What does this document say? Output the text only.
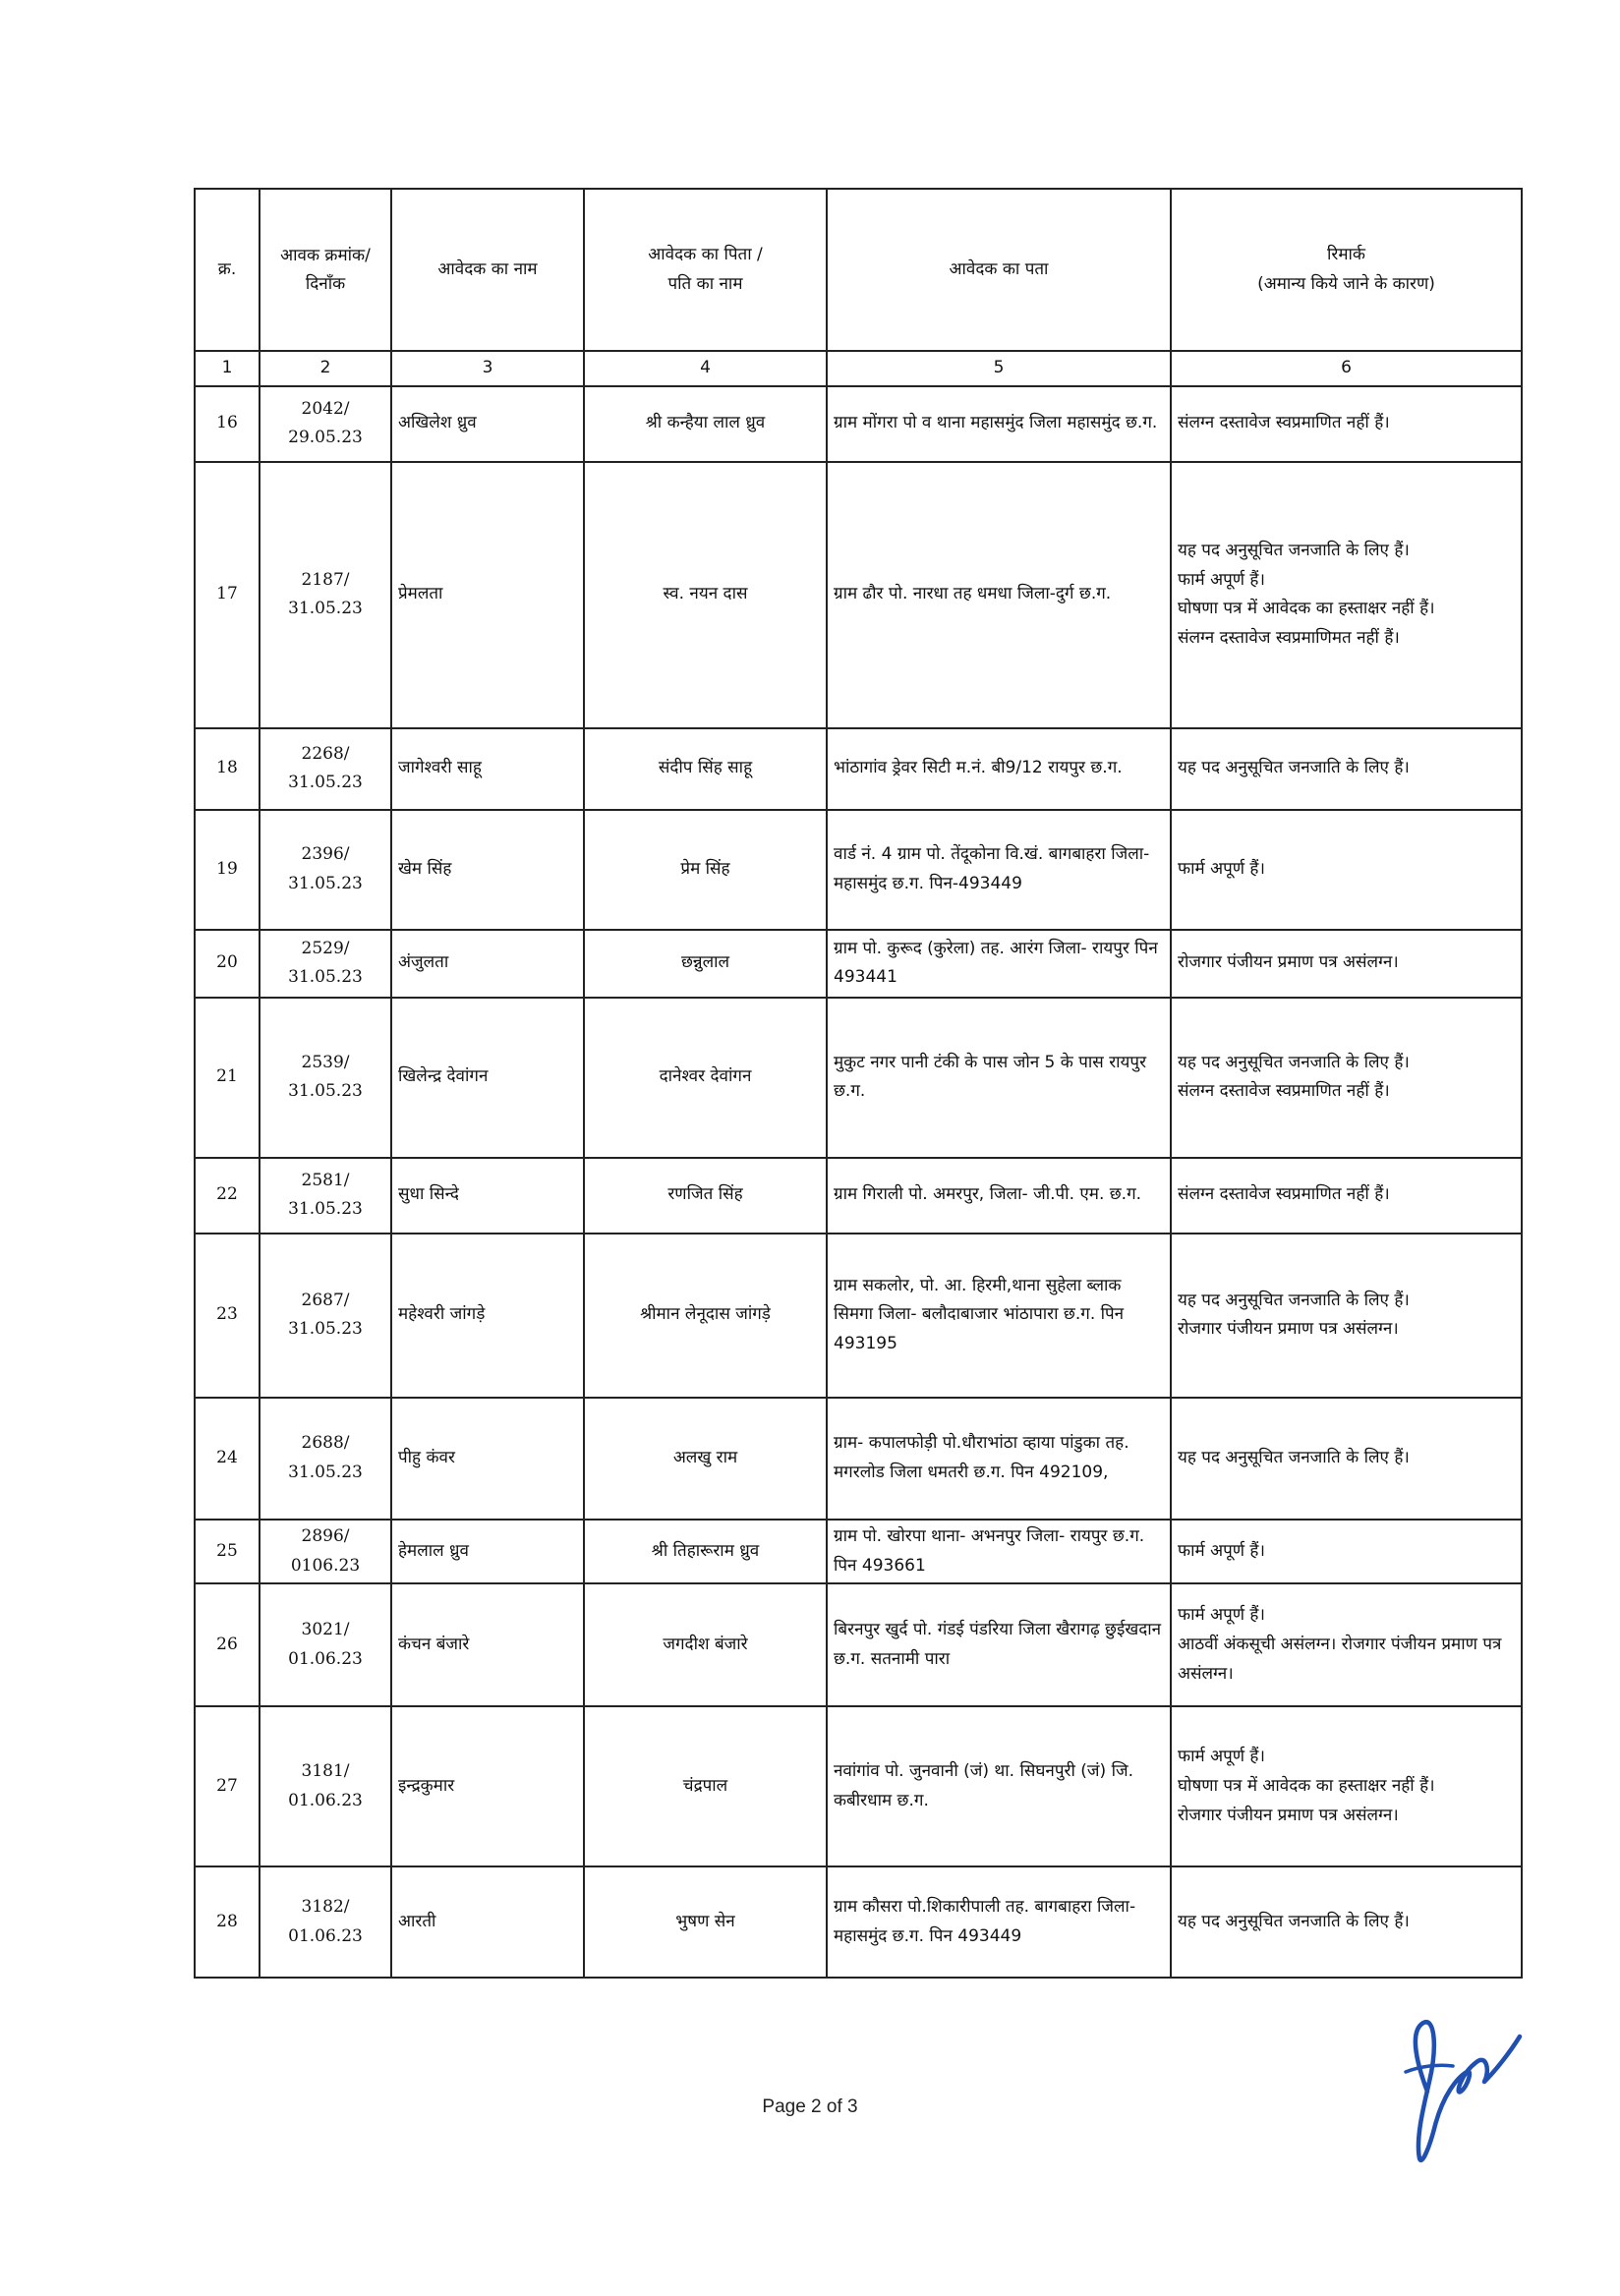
क्र.	आवक क्रमांक/
दिनाँक	आवेदक का नाम	आवेदक का पिता /
पति का नाम	आवेदक का पता	रिमार्क
(अमान्य किये जाने के कारण)

1	2	3	4	5	6
16	2042/
29.05.23	अखिलेश ध्रुव	श्री कन्हैया लाल ध्रुव	ग्राम मोंगरा पो व थाना महासमुंद जिला महासमुंद छ.ग.	संलग्न दस्तावेज स्वप्रमाणित नहीं हैं।

17	2187/
31.05.23	प्रेमलता	स्व. नयन दास	ग्राम ढौर पो. नारधा तह धमधा जिला-दुर्ग छ.ग.	यह पद अनुसूचित जनजाति के लिए हैं।
फार्म अपूर्ण हैं।
घोषणा पत्र में आवेदक का हस्ताक्षर नहीं हैं।
संलग्न दस्तावेज स्वप्रमाणिमत नहीं हैं।

18	2268/
31.05.23	जागेश्वरी साहू	संदीप सिंह साहू	भांठागांव ड्रेवर सिटी म.नं. बी9/12 रायपुर छ.ग.	यह पद अनुसूचित जनजाति के लिए हैं।

19	2396/
31.05.23	खेम सिंह	प्रेम सिंह	वार्ड नं. 4 ग्राम पो. तेंदूकोना वि.खं. बागबाहरा जिला-महासमुंद छ.ग. पिन-493449	फार्म अपूर्ण हैं।

20	2529/
31.05.23	अंजुलता	छन्नुलाल	ग्राम पो. कुरूद (कुरेला) तह. आरंग जिला- रायपुर पिन 493441	रोजगार पंजीयन प्रमाण पत्र असंलग्न।

21	2539/
31.05.23	खिलेन्द्र देवांगन	दानेश्वर देवांगन	मुकुट नगर पानी टंकी के पास जोन 5 के पास रायपुर छ.ग.	यह पद अनुसूचित जनजाति के लिए हैं।
संलग्न दस्तावेज स्वप्रमाणित नहीं हैं।

22	2581/
31.05.23	सुधा सिन्दे	रणजित सिंह	ग्राम गिराली पो. अमरपुर, जिला- जी.पी. एम. छ.ग.	संलग्न दस्तावेज स्वप्रमाणित नहीं हैं।

23	2687/
31.05.23	महेश्वरी जांगड़े	श्रीमान लेनूदास जांगड़े	ग्राम सकलोर, पो. आ. हिरमी,थाना सुहेला ब्लाक सिमगा जिला- बलौदाबाजार भांठापारा छ.ग. पिन 493195	यह पद अनुसूचित जनजाति के लिए हैं।
रोजगार पंजीयन प्रमाण पत्र असंलग्न।

24	2688/
31.05.23	पीहु कंवर	अलखु राम	ग्राम- कपालफोड़ी पो.धौराभांठा व्हाया पांडुका तह. मगरलोड जिला धमतरी छ.ग. पिन 492109,	यह पद अनुसूचित जनजाति के लिए हैं।

25	2896/
0106.23	हेमलाल ध्रुव	श्री तिहारूराम ध्रुव	ग्राम पो. खोरपा थाना- अभनपुर जिला- रायपुर छ.ग. पिन 493661	फार्म अपूर्ण हैं।

26	3021/
01.06.23	कंचन बंजारे	जगदीश बंजारे	बिरनपुर खुर्द पो. गंडई पंडरिया जिला खैरागढ़ छुईखदान छ.ग. सतनामी पारा	फार्म अपूर्ण हैं।
आठवीं अंकसूची असंलग्न। रोजगार पंजीयन प्रमाण पत्र असंलग्न।

27	3181/
01.06.23	इन्द्रकुमार	चंद्रपाल	नवांगांव पो. जुनवानी (जं) था. सिघनपुरी (जं) जि. कबीरधाम छ.ग.	फार्म अपूर्ण हैं।
घोषणा पत्र में आवेदक का हस्ताक्षर नहीं हैं।
रोजगार पंजीयन प्रमाण पत्र असंलग्न।

28	3182/
01.06.23	आरती	भुषण सेन	ग्राम कौसरा पो.शिकारीपाली तह. बागबाहरा जिला- महासमुंद छ.ग. पिन 493449	यह पद अनुसूचित जनजाति के लिए हैं।
Page 2 of 3
